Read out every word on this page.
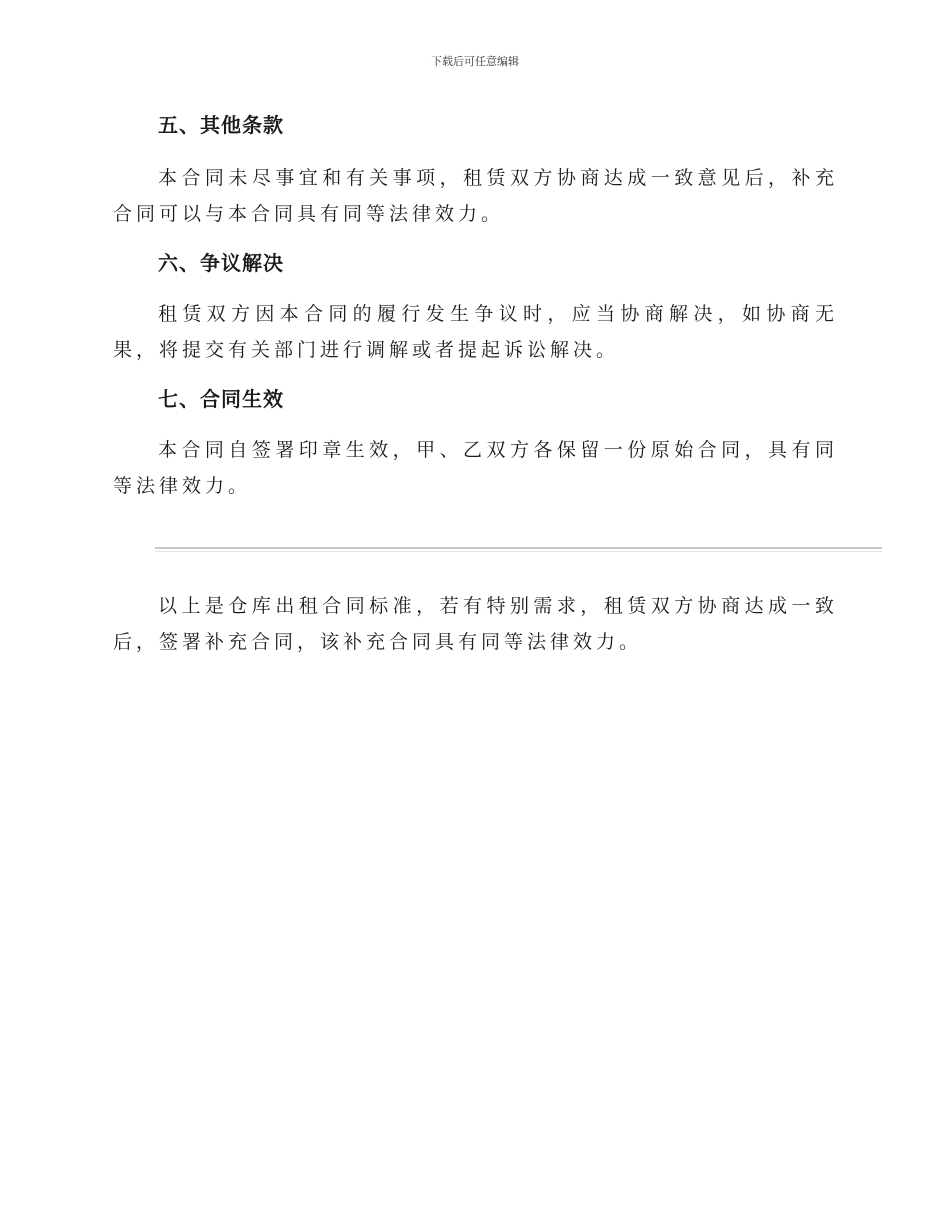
下载后可任意编辑
五、其他条款

本合同未尽事宜和有关事项，租赁双方协商达成一致意见后，补充合同可以与本合同具有同等法律效力。

六、争议解决

租赁双方因本合同的履行发生争议时，应当协商解决，如协商无果，将提交有关部门进行调解或者提起诉讼解决。

七、合同生效

本合同自签署印章生效，甲、乙双方各保留一份原始合同，具有同等法律效力。

以上是仓库出租合同标准，若有特别需求，租赁双方协商达成一致后，签署补充合同，该补充合同具有同等法律效力。
